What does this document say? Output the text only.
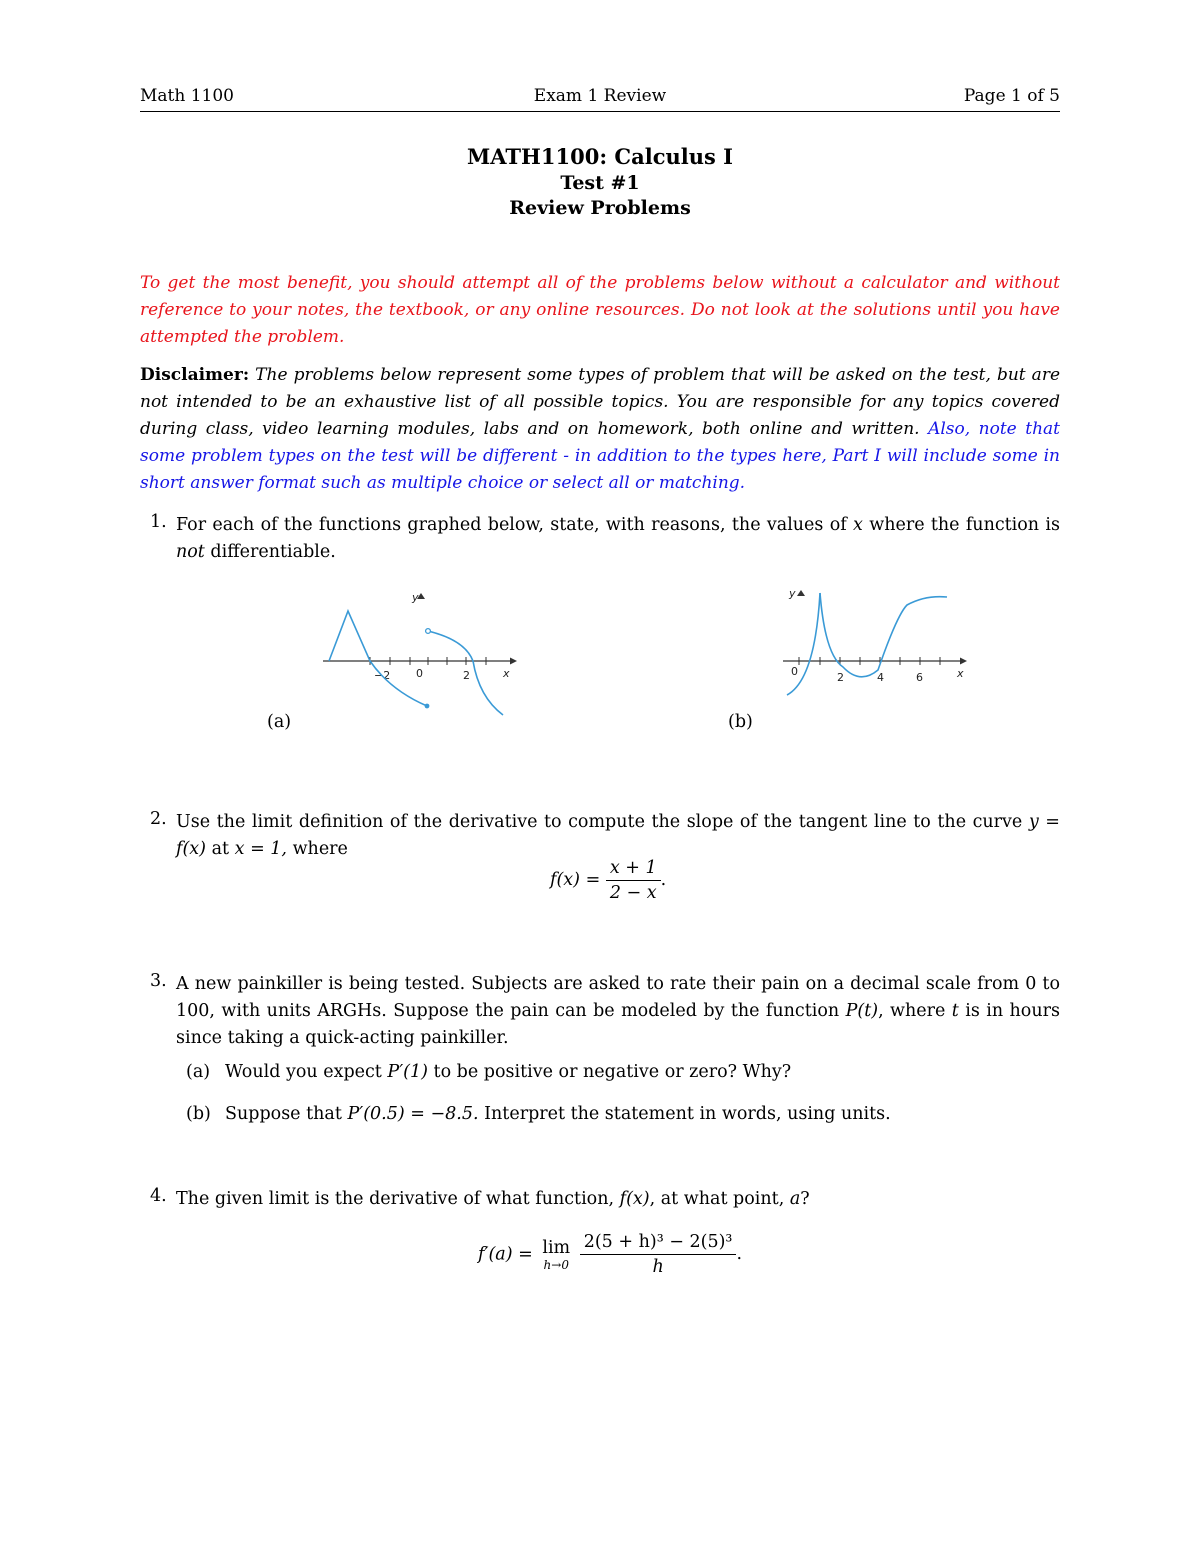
Math 1100	Exam 1 Review	Page 1 of 5
MATH1100: Calculus I
Test #1
Review Problems
To get the most benefit, you should attempt all of the problems below without a calculator and without reference to your notes, the textbook, or any online resources. Do not look at the solutions until you have attempted the problem.
Disclaimer: The problems below represent some types of problem that will be asked on the test, but are not intended to be an exhaustive list of all possible topics. You are responsible for any topics covered during class, video learning modules, labs and on homework, both online and written. Also, note that some problem types on the test will be different - in addition to the types here, Part I will include some in short answer format such as multiple choice or select all or matching.
1. For each of the functions graphed below, state, with reasons, the values of x where the function is not differentiable.
y
x
−2 0	2
(a)
y
x
0	2	4	6
(b)
2. Use the limit definition of the derivative to compute the slope of the tangent line to the curve y = f(x) at x = 1, where
$f(x) = \frac{x + 1}{2 - x}$ .
3. A new painkiller is being tested. Subjects are asked to rate their pain on a decimal scale from 0 to 100, with units ARGHs. Suppose the pain can be modeled by the function P(t), where t is in hours since taking a quick-acting painkiller.
(a) Would you expect P′(1) to be positive or negative or zero? Why?
(b) Suppose that P′(0.5) = −8.5. Interpret the statement in words, using units.
4. The given limit is the derivative of what function, f(x), at what point, a?
f′(a) = lim
h→0
$\frac{\text{2(5 + h)³ − 2(5)³}}{h}$ .
